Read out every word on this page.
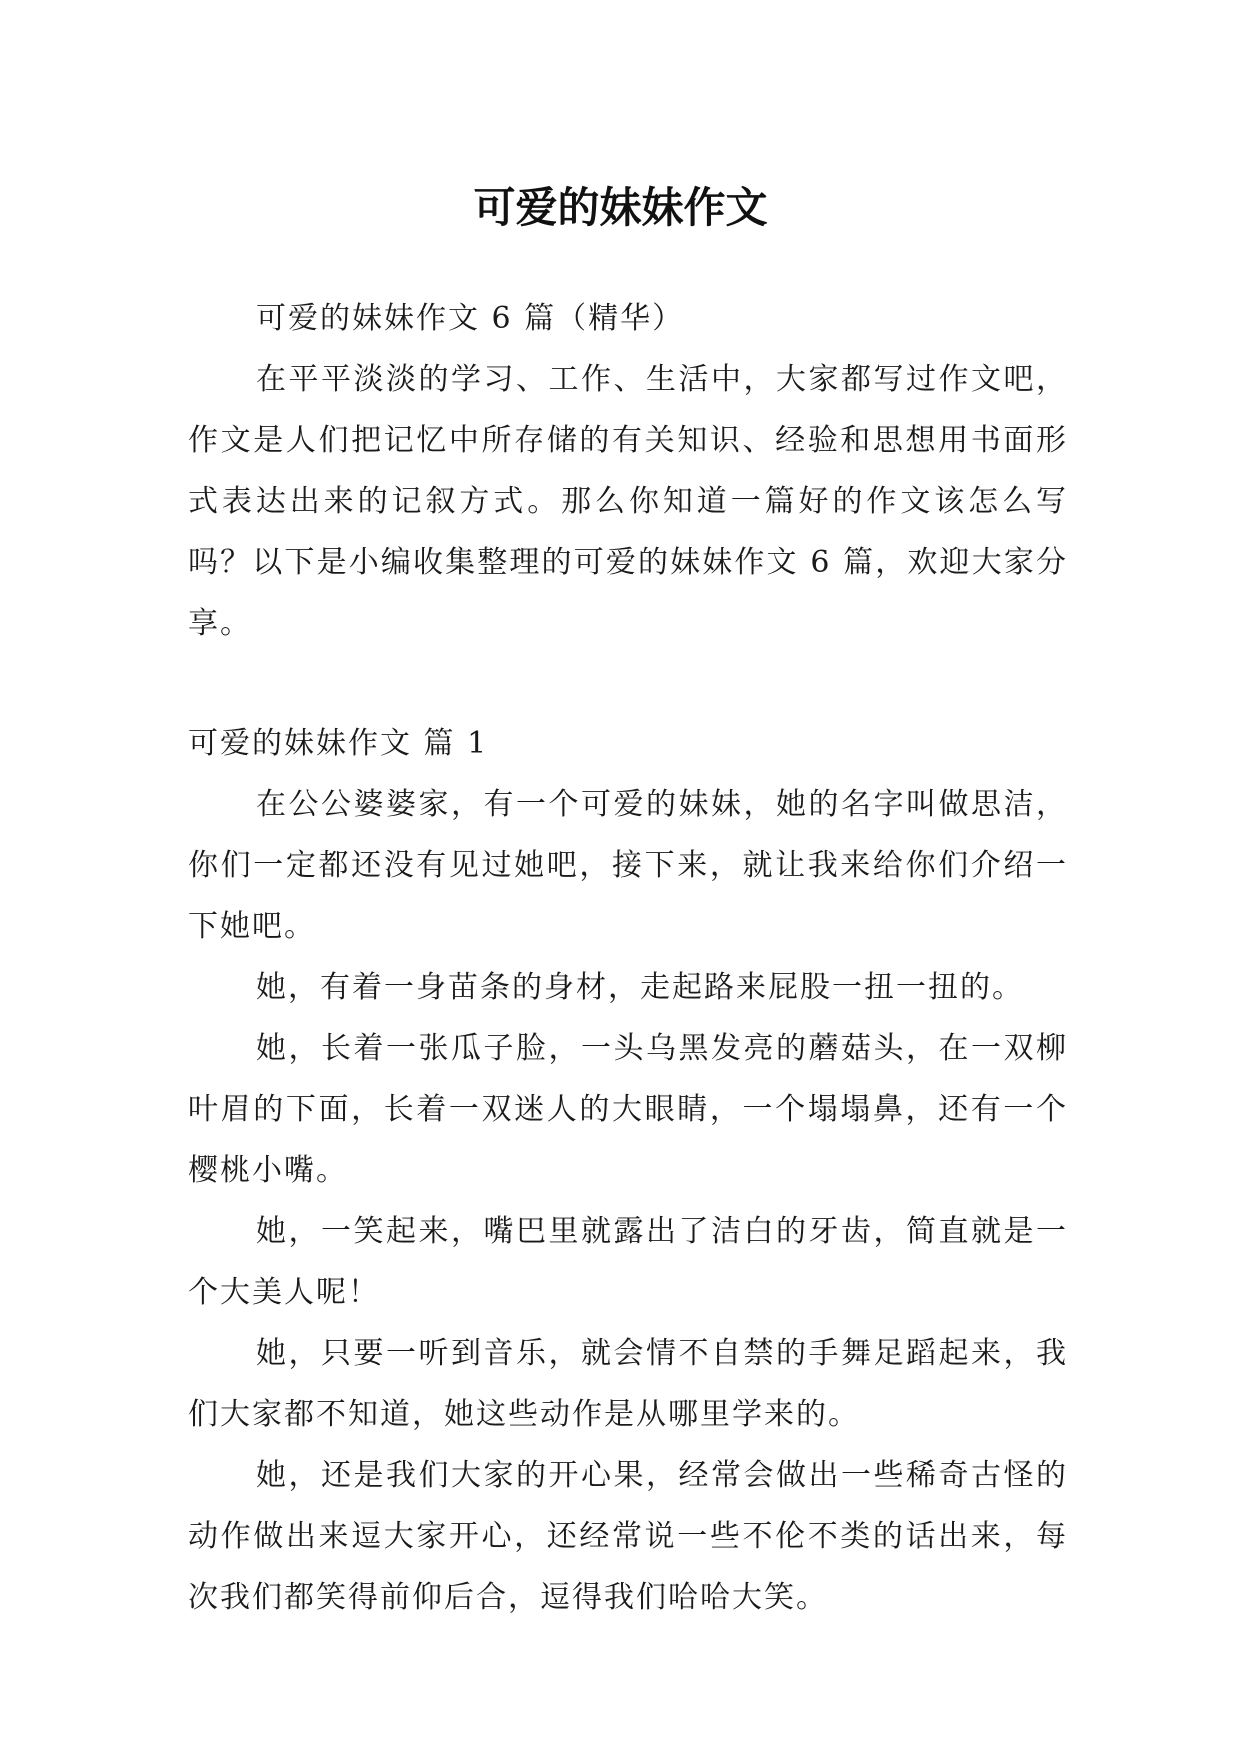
可爱的妹妹作文

可爱的妹妹作文 6 篇（精华）

在平平淡淡的学习、工作、生活中，大家都写过作文吧，作文是人们把记忆中所存储的有关知识、经验和思想用书面形式表达出来的记叙方式。那么你知道一篇好的作文该怎么写吗？以下是小编收集整理的可爱的妹妹作文 6 篇，欢迎大家分享。

可爱的妹妹作文 篇 1

在公公婆婆家，有一个可爱的妹妹，她的名字叫做思洁，你们一定都还没有见过她吧，接下来，就让我来给你们介绍一下她吧。

她，有着一身苗条的身材，走起路来屁股一扭一扭的。

她，长着一张瓜子脸，一头乌黑发亮的蘑菇头，在一双柳叶眉的下面，长着一双迷人的大眼睛，一个塌塌鼻，还有一个樱桃小嘴。

她，一笑起来，嘴巴里就露出了洁白的牙齿，简直就是一个大美人呢！

她，只要一听到音乐，就会情不自禁的手舞足蹈起来，我们大家都不知道，她这些动作是从哪里学来的。

她，还是我们大家的开心果，经常会做出一些稀奇古怪的动作做出来逗大家开心，还经常说一些不伦不类的话出来，每次我们都笑得前仰后合，逗得我们哈哈大笑。
